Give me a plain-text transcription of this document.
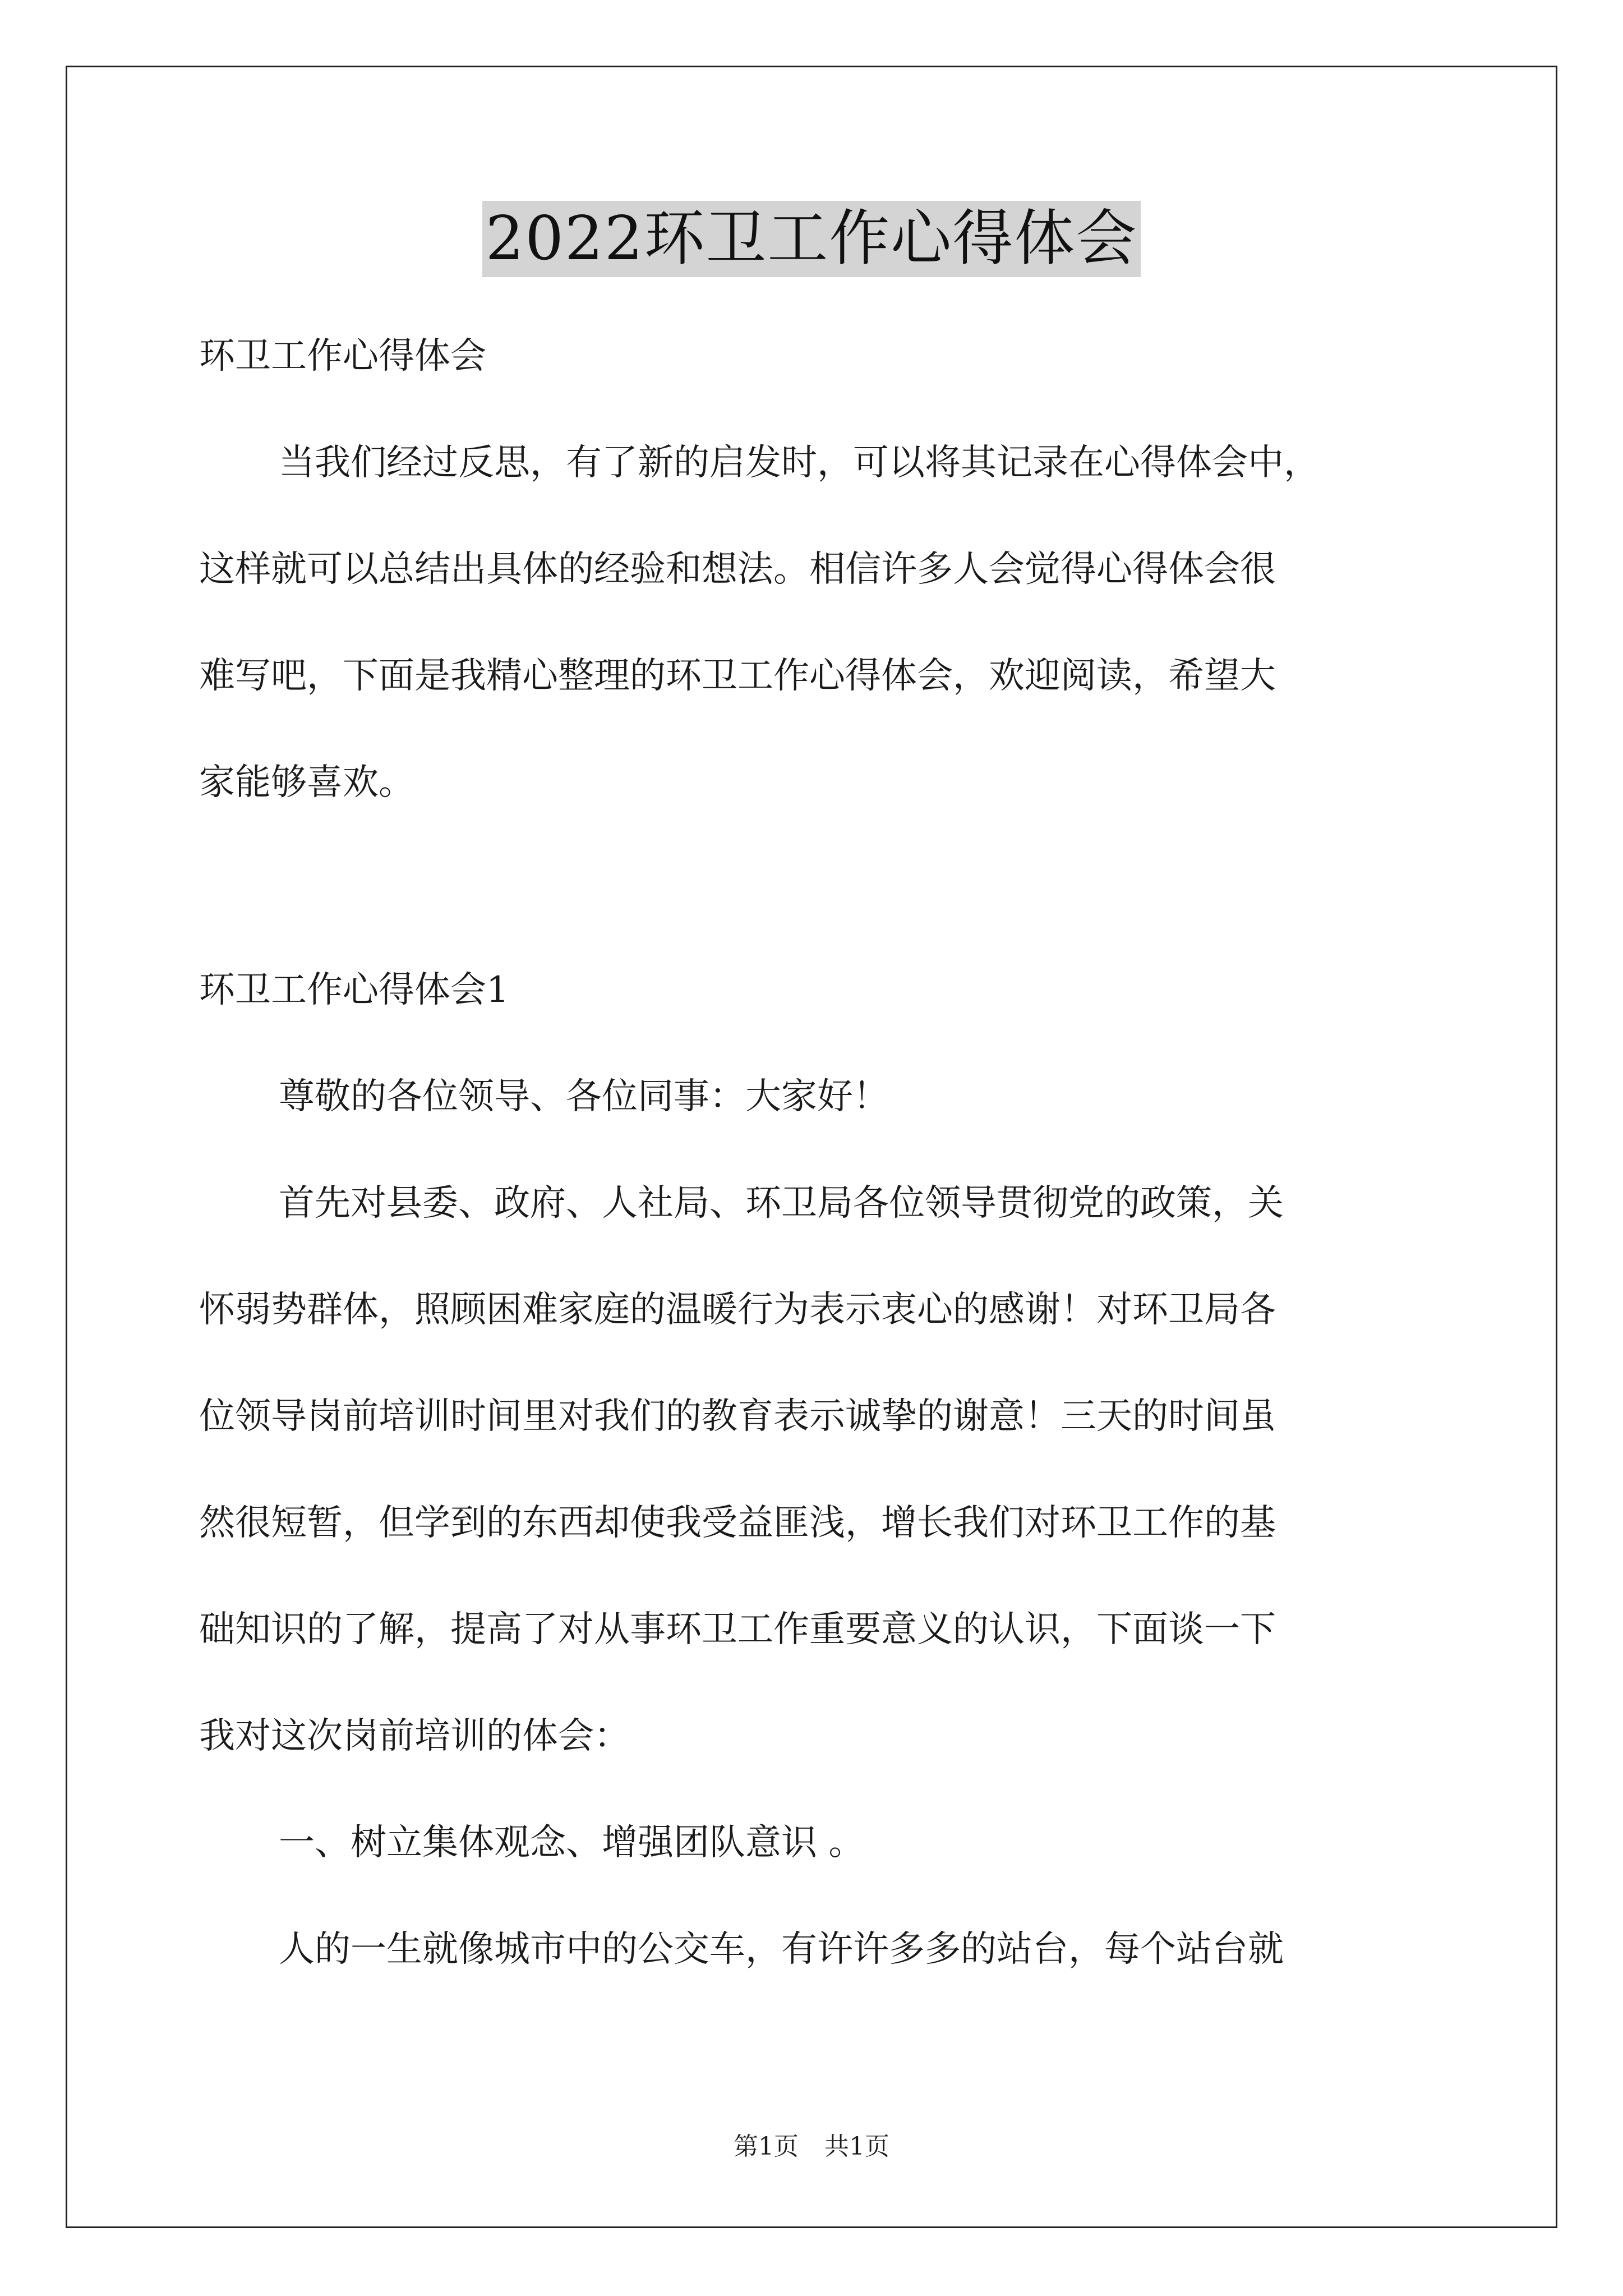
2022环卫工作心得体会

环卫工作心得体会

当我们经过反思，有了新的启发时，可以将其记录在心得体会中，

这样就可以总结出具体的经验和想法。相信许多人会觉得心得体会很

难写吧，下面是我精心整理的环卫工作心得体会，欢迎阅读，希望大

家能够喜欢。

环卫工作心得体会1

尊敬的各位领导、各位同事：大家好！

首先对县委、政府、人社局、环卫局各位领导贯彻党的政策，关

怀弱势群体，照顾困难家庭的温暖行为表示衷心的感谢！对环卫局各

位领导岗前培训时间里对我们的教育表示诚挚的谢意！三天的时间虽

然很短暂，但学到的东西却使我受益匪浅，增长我们对环卫工作的基

础知识的了解，提高了对从事环卫工作重要意义的认识，下面谈一下

我对这次岗前培训的体会：

一、树立集体观念、增强团队意识 。

人的一生就像城市中的公交车，有许许多多的站台，每个站台就

第1页 共1页
